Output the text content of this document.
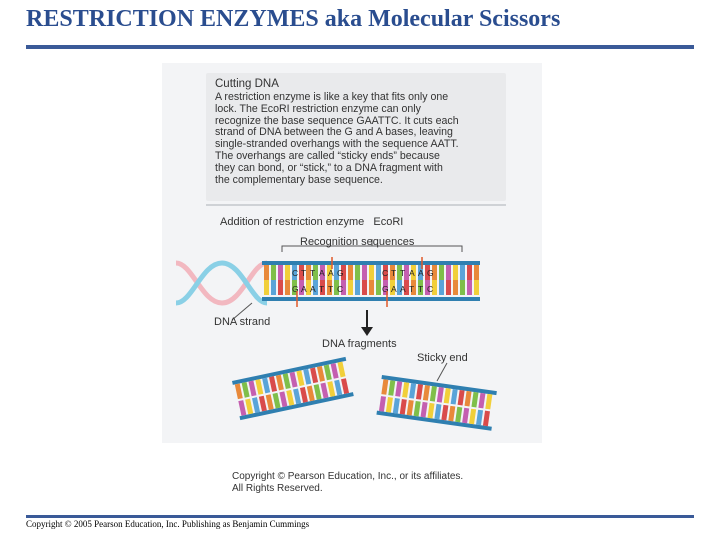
RESTRICTION ENZYMES aka Molecular Scissors
Cutting DNA
A restriction enzyme is like a key that fits only one
lock. The EcoRI restriction enzyme can only
recognize the base sequence GAATTC. It cuts each
strand of DNA between the G and A bases, leaving
single-stranded overhangs with the sequence AATT.
The overhangs are called “sticky ends” because
they can bond, or “stick,” to a DNA fragment with
the complementary base sequence.
C T T A A G
G A A T T C
C T T A A G
G A A T T C
Addition of restriction enzyme EcoRI
Recognition sequences
DNA strand
DNA fragments
Sticky end
Copyright © Pearson Education, Inc., or its affiliates.
All Rights Reserved.
Copyright © 2005 Pearson Education, Inc. Publishing as Benjamin Cummings
